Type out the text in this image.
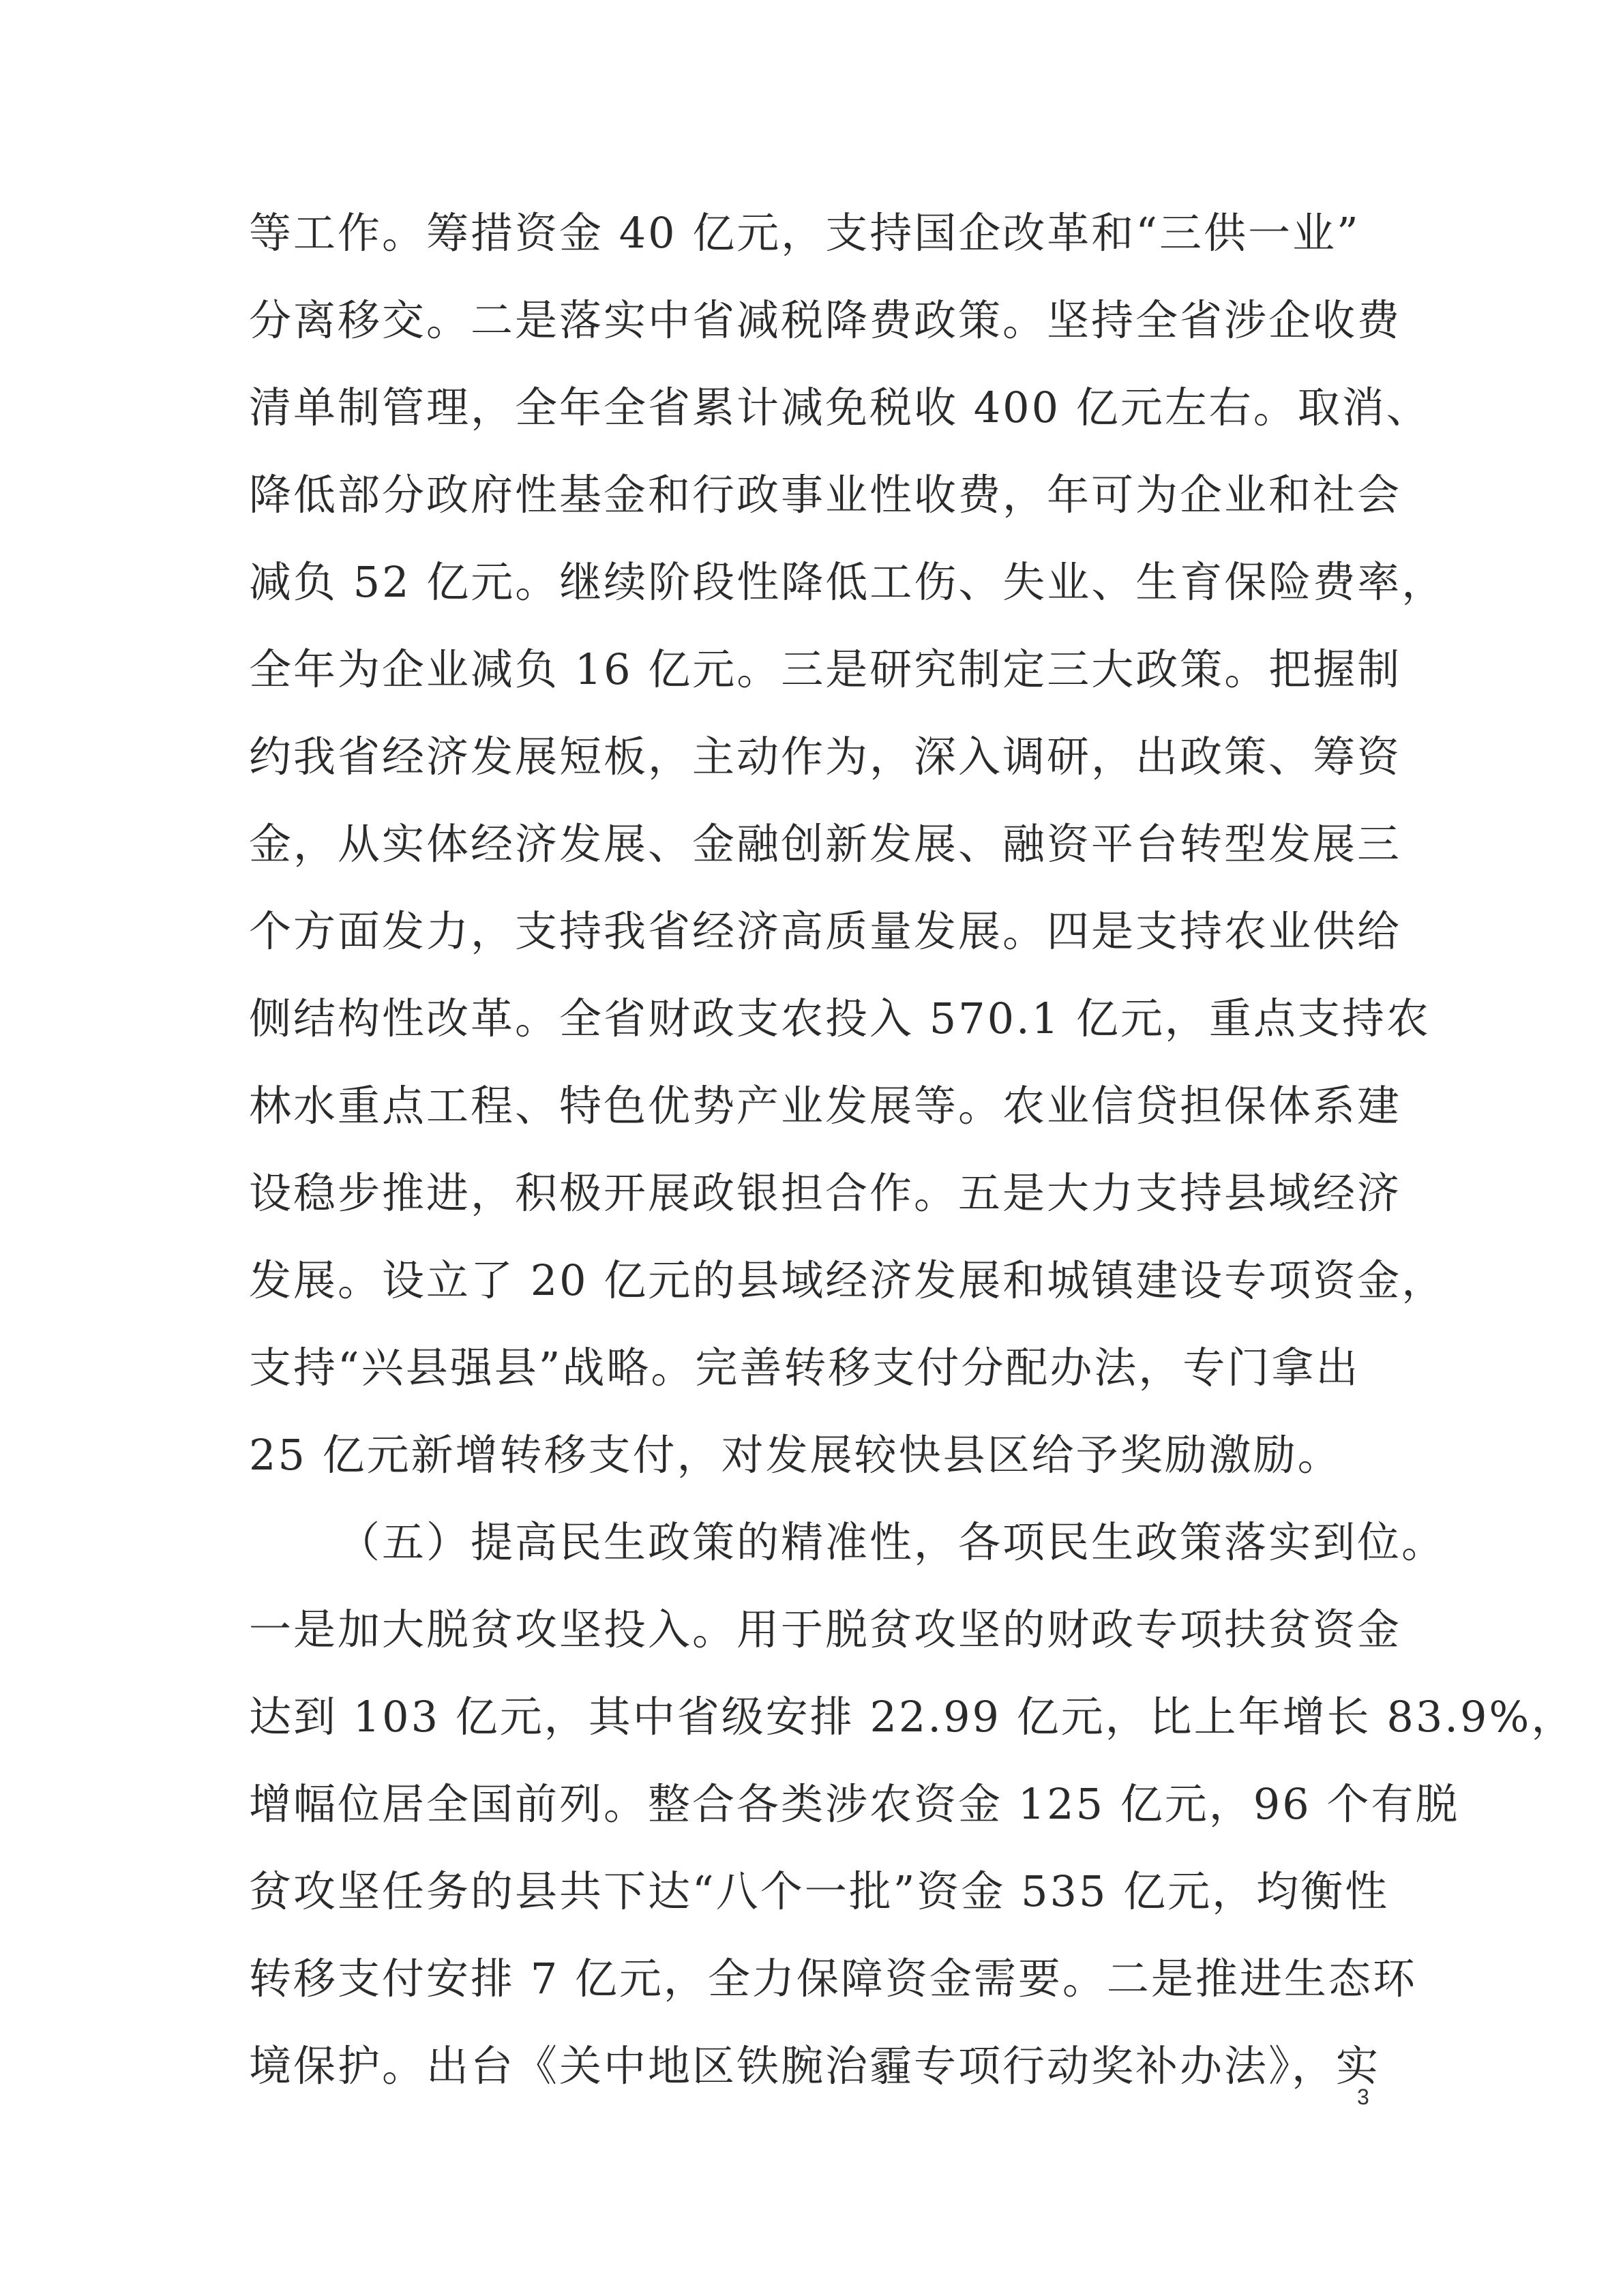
等工作。筹措资金 40 亿元，支持国企改革和“三供一业”
分离移交。二是落实中省减税降费政策。坚持全省涉企收费
清单制管理，全年全省累计减免税收 400 亿元左右。取消、
降低部分政府性基金和行政事业性收费，年可为企业和社会
减负 52 亿元。继续阶段性降低工伤、失业、生育保险费率，
全年为企业减负 16 亿元。三是研究制定三大政策。把握制
约我省经济发展短板，主动作为，深入调研，出政策、筹资
金，从实体经济发展、金融创新发展、融资平台转型发展三
个方面发力，支持我省经济高质量发展。四是支持农业供给
侧结构性改革。全省财政支农投入 570.1 亿元，重点支持农
林水重点工程、特色优势产业发展等。农业信贷担保体系建
设稳步推进，积极开展政银担合作。五是大力支持县域经济
发展。设立了 20 亿元的县域经济发展和城镇建设专项资金，
支持“兴县强县”战略。完善转移支付分配办法，专门拿出
25 亿元新增转移支付，对发展较快县区给予奖励激励。
（五）提高民生政策的精准性，各项民生政策落实到位。
一是加大脱贫攻坚投入。用于脱贫攻坚的财政专项扶贫资金
达到 103 亿元，其中省级安排 22.99 亿元，比上年增长 83.9%，
增幅位居全国前列。整合各类涉农资金 125 亿元，96 个有脱
贫攻坚任务的县共下达“八个一批”资金 535 亿元，均衡性
转移支付安排 7 亿元，全力保障资金需要。二是推进生态环
境保护。出台《关中地区铁腕治霾专项行动奖补办法》，实
3
